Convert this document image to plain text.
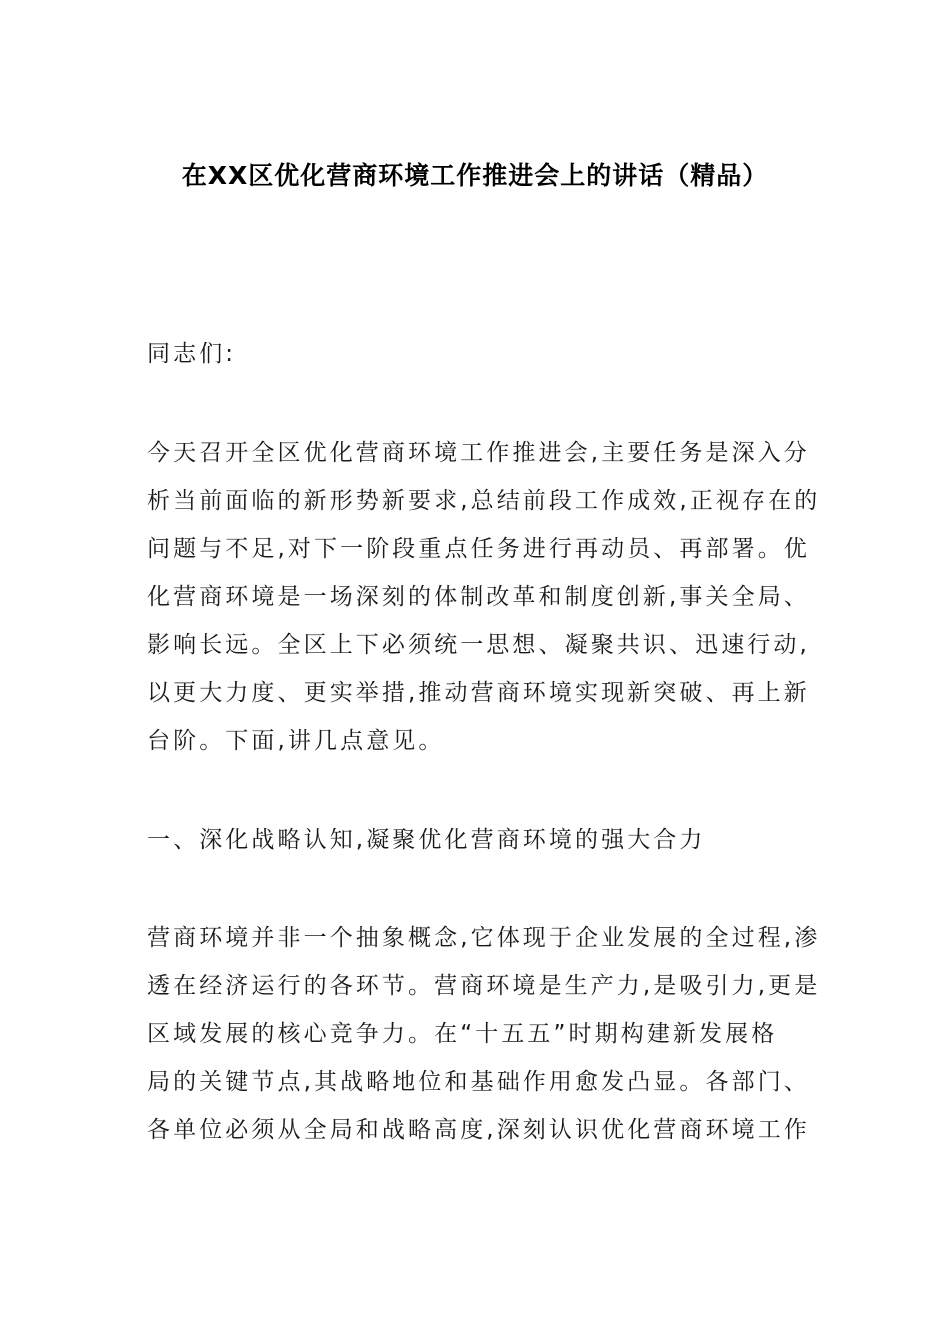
在XX区优化营商环境工作推进会上的讲话（精品）
同志们:
今天召开全区优化营商环境工作推进会,主要任务是深入分
析当前面临的新形势新要求,总结前段工作成效,正视存在的
问题与不足,对下一阶段重点任务进行再动员、再部署。优
化营商环境是一场深刻的体制改革和制度创新,事关全局、
影响长远。全区上下必须统一思想、凝聚共识、迅速行动,
以更大力度、更实举措,推动营商环境实现新突破、再上新
台阶。下面,讲几点意见。
一、深化战略认知,凝聚优化营商环境的强大合力
营商环境并非一个抽象概念,它体现于企业发展的全过程,渗
透在经济运行的各环节。营商环境是生产力,是吸引力,更是
区域发展的核心竞争力。在“十五五”时期构建新发展格
局的关键节点,其战略地位和基础作用愈发凸显。各部门、
各单位必须从全局和战略高度,深刻认识优化营商环境工作
